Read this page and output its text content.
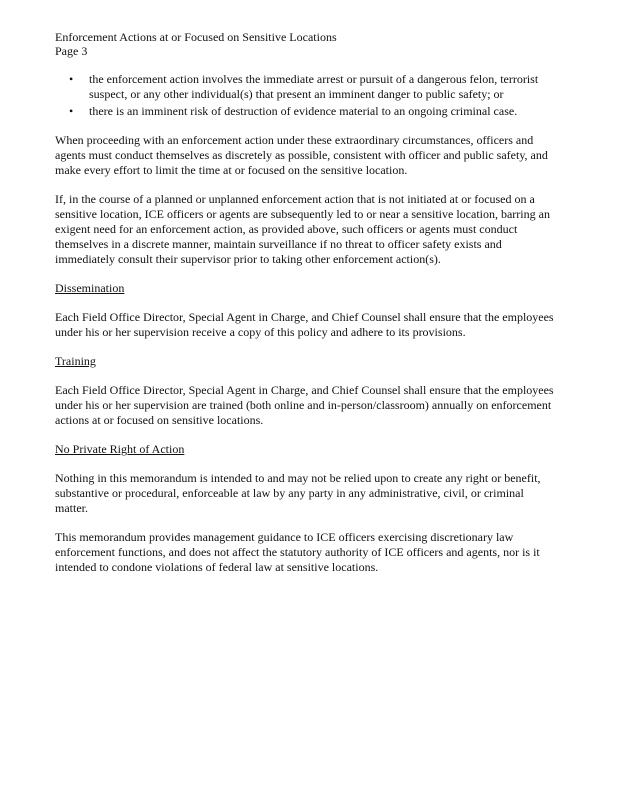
Enforcement Actions at or Focused on Sensitive Locations
Page 3
• the enforcement action involves the immediate arrest or pursuit of a dangerous felon, terrorist suspect, or any other individual(s) that present an imminent danger to public safety; or
• there is an imminent risk of destruction of evidence material to an ongoing criminal case.

When proceeding with an enforcement action under these extraordinary circumstances, officers and agents must conduct themselves as discretely as possible, consistent with officer and public safety, and make every effort to limit the time at or focused on the sensitive location.

If, in the course of a planned or unplanned enforcement action that is not initiated at or focused on a sensitive location, ICE officers or agents are subsequently led to or near a sensitive location, barring an exigent need for an enforcement action, as provided above, such officers or agents must conduct themselves in a discrete manner, maintain surveillance if no threat to officer safety exists and immediately consult their supervisor prior to taking other enforcement action(s).

Dissemination

Each Field Office Director, Special Agent in Charge, and Chief Counsel shall ensure that the employees under his or her supervision receive a copy of this policy and adhere to its provisions.

Training

Each Field Office Director, Special Agent in Charge, and Chief Counsel shall ensure that the employees under his or her supervision are trained (both online and in-person/classroom) annually on enforcement actions at or focused on sensitive locations.

No Private Right of Action

Nothing in this memorandum is intended to and may not be relied upon to create any right or benefit, substantive or procedural, enforceable at law by any party in any administrative, civil, or criminal matter.

This memorandum provides management guidance to ICE officers exercising discretionary law enforcement functions, and does not affect the statutory authority of ICE officers and agents, nor is it intended to condone violations of federal law at sensitive locations.
